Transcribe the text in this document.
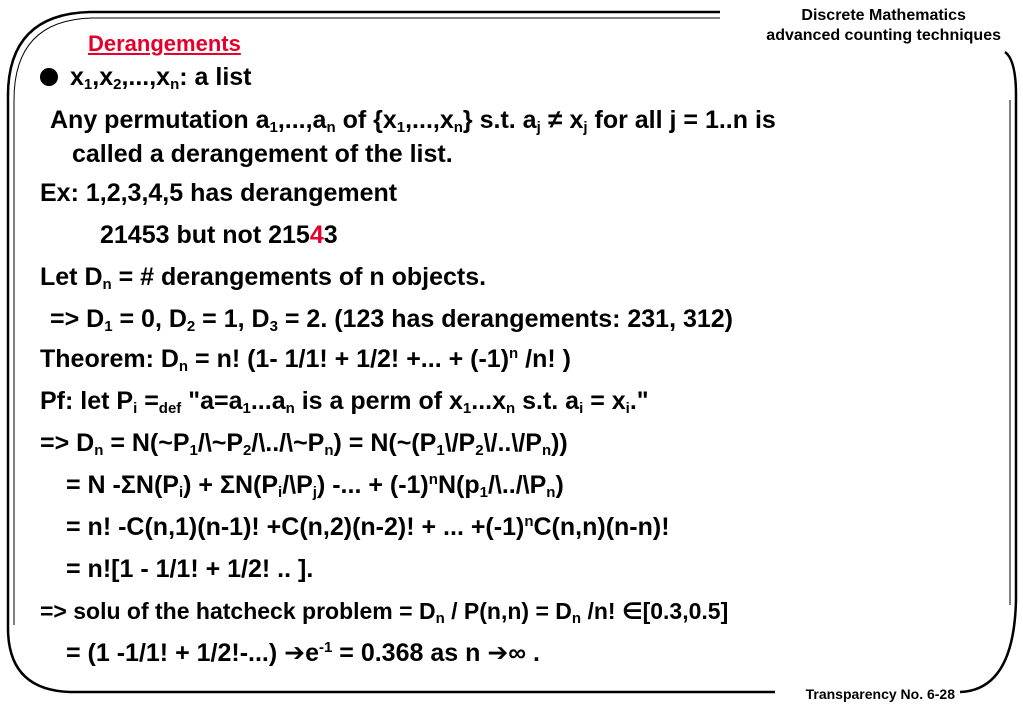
Discrete Mathematics
advanced counting techniques
Derangements
$x_1,x_2,...,x_n$: a list
Any permutation $a_1,...,a_n$ of $\{x_1,...,x_n\}$ s.t. $a_j \ne x_j$ for all j = 1..n is
called a derangement of the list.
Ex: 1,2,3,4,5 has derangement
21453 but not 21543
Let $D_n$ = # derangements of n objects.
=> $D_1 = 0$, $D_2 = 1$, $D_3 = 2$. (123 has derangements: 231, 312)
Theorem: $D_n = n$! (1- 1/1! + 1/2! +... + $(-1)^n$ /n! )
Pf: let $P_i =_{def}$ "$a=a_1...a_n$ is a perm of $x_1...x_n$ s.t. $a_i = x_i$."
=> $D_n$ = $N(\sim P_1/\backslash\sim P_2/\backslash../\backslash\sim P_n)$ = $N(\sim(P_1\backslash/P_2\backslash/..\backslash/P_n))$
= N $-\Sigma N(P_i)$ + $\Sigma N(P_i/\backslash P_j)$ -... + $(-1)^nN(p_1/\backslash../\backslash P_n)$
= n! -C(n,1)(n-1)! +C(n,2)(n-2)! + ... $+(-1)^nC(n,n)(n-n)$!
= n![1 - 1/1! + 1/2! .. ].
=> solu of the hatcheck problem = $D_n / P(n,n) = D_n$ /n! ∈[0.3,0.5]
= (1 -1/1! + 1/2!-...) $➔e^{-1} = 0.368$ as n ➔∞ .
Transparency No. 6-28
